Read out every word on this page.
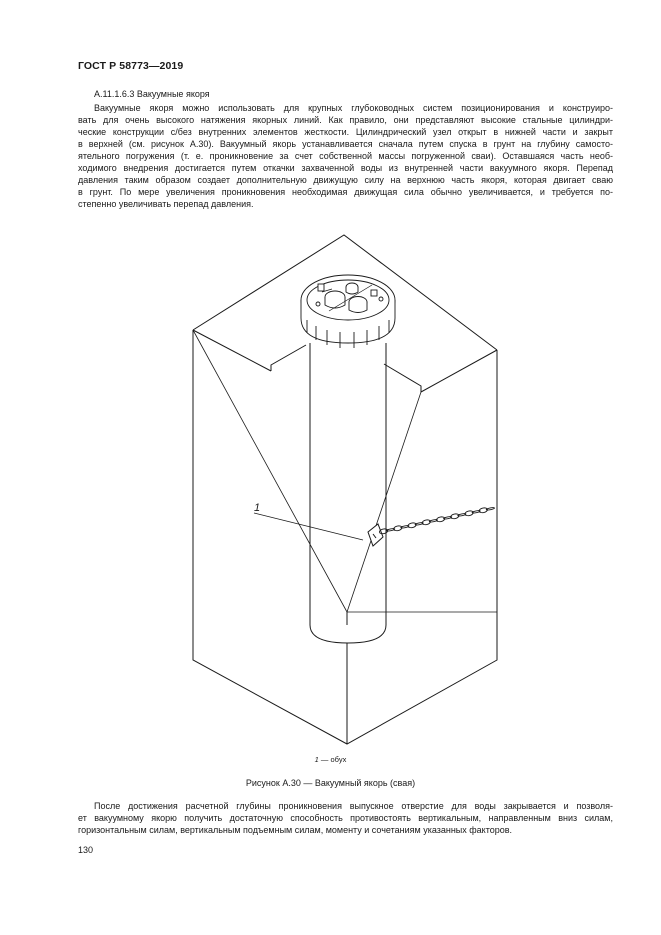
ГОСТ Р 58773—2019
А.11.1.6.3 Вакуумные якоря
Вакуумные якоря можно использовать для крупных глубоководных систем позиционирования и конструиро-
вать для очень высокого натяжения якорных линий. Как правило, они представляют высокие стальные цилиндри-
ческие конструкции с/без внутренних элементов жесткости. Цилиндрический узел открыт в нижней части и закрыт
в верхней (см. рисунок А.30). Вакуумный якорь устанавливается сначала путем спуска в грунт на глубину самосто-
ятельного погружения (т. е. проникновение за счет собственной массы погруженной сваи). Оставшаяся часть необ-
ходимого внедрения достигается путем откачки захваченной воды из внутренней части вакуумного якоря. Перепад
давления таким образом создает дополнительную движущую силу на верхнюю часть якоря, которая двигает сваю
в грунт. По мере увеличения проникновения необходимая движущая сила обычно увеличивается, и требуется по-
степенно увеличивать перепад давления.
1
1 — обух
Рисунок А.30 — Вакуумный якорь (свая)
После достижения расчетной глубины проникновения выпускное отверстие для воды закрывается и позволя-
ет вакуумному якорю получить достаточную способность противостоять вертикальным, направленным вниз силам,
горизонтальным силам, вертикальным подъемным силам, моменту и сочетаниям указанных факторов.
130
